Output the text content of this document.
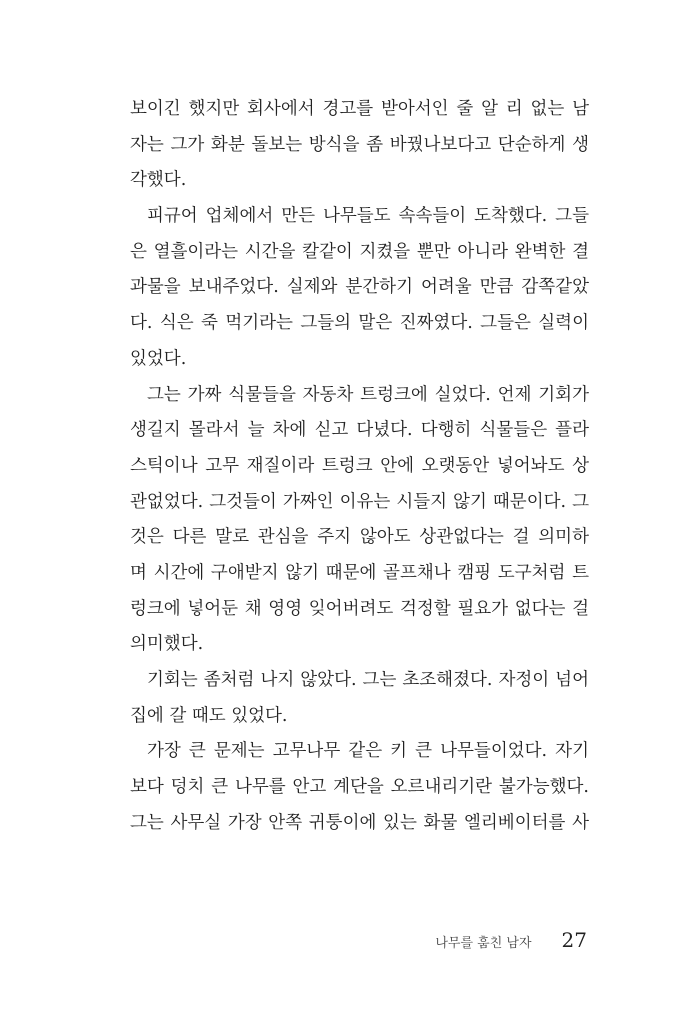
보이긴 했지만 회사에서 경고를 받아서인 줄 알 리 없는 남
자는 그가 화분 돌보는 방식을 좀 바꿨나보다고 단순하게 생
각했다.
피규어 업체에서 만든 나무들도 속속들이 도착했다. 그들
은 열흘이라는 시간을 칼같이 지켰을 뿐만 아니라 완벽한 결
과물을 보내주었다. 실제와 분간하기 어려울 만큼 감쪽같았
다. 식은 죽 먹기라는 그들의 말은 진짜였다. 그들은 실력이
있었다.
그는 가짜 식물들을 자동차 트렁크에 실었다. 언제 기회가
생길지 몰라서 늘 차에 싣고 다녔다. 다행히 식물들은 플라
스틱이나 고무 재질이라 트렁크 안에 오랫동안 넣어놔도 상
관없었다. 그것들이 가짜인 이유는 시들지 않기 때문이다. 그
것은 다른 말로 관심을 주지 않아도 상관없다는 걸 의미하
며 시간에 구애받지 않기 때문에 골프채나 캠핑 도구처럼 트
렁크에 넣어둔 채 영영 잊어버려도 걱정할 필요가 없다는 걸
의미했다.
기회는 좀처럼 나지 않았다. 그는 초조해졌다. 자정이 넘어
집에 갈 때도 있었다.
가장 큰 문제는 고무나무 같은 키 큰 나무들이었다. 자기
보다 덩치 큰 나무를 안고 계단을 오르내리기란 불가능했다.
그는 사무실 가장 안쪽 귀퉁이에 있는 화물 엘리베이터를 사
나무를 훔친 남자 27
